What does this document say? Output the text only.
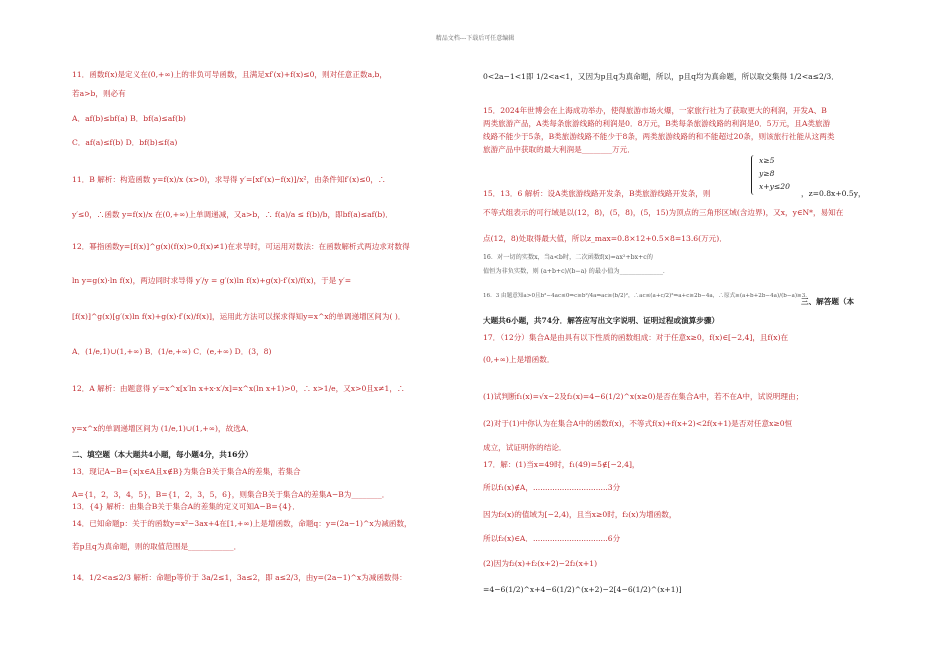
精品文档---下载后可任意编辑
11．函数f(x)是定义在(0,+∞)上的非负可导函数，且满足xf′(x)+f(x)≤0，则对任意正数a,b，
若a>b，则必有
A．af(b)≤bf(a) B．bf(a)≤af(b)
C．af(a)≤f(b) D．bf(b)≤f(a)
11．B 解析：构造函数 y=f(x)/x (x>0)，求导得 y′=[xf′(x)−f(x)]/x²，由条件知f′(x)≤0，∴
y′≤0，∴函数 y=f(x)/x 在(0,+∞)上单调递减，又a>b，∴ f(a)/a ≤ f(b)/b，即bf(a)≤af(b)．
12．幂指函数y=[f(x)]^g(x)(f(x)>0,f(x)≠1)在求导时，可运用对数法：在函数解析式两边求对数得
ln y=g(x)·ln f(x)，两边同时求导得 y′/y = g′(x)ln f(x)+g(x)·f′(x)/f(x)，于是 y′=
[f(x)]^g(x)[g′(x)ln f(x)+g(x)·f′(x)/f(x)]，运用此方法可以探求得知y=x^x的单调递增区间为( )．
A．(1/e,1)∪(1,+∞) B．(1/e,+∞) C．(e,+∞) D．(3，8)
12．A 解析：由题意得 y′=x^x[x′ln x+x·x′/x]=x^x(ln x+1)>0，∴ x>1/e，又x>0且x≠1，∴
y=x^x的单调递增区间为 (1/e,1)∪(1,+∞)，故选A．
二、填空题（本大题共4小题，每小题4分，共16分）
13．现记A−B={x|x∈A且x∉B}为集合B关于集合A的差集，若集合
A={1，2，3，4，5}，B={1，2，3，5，6}，则集合B关于集合A的差集A−B为________．
13．{4} 解析：由集合B关于集合A的差集的定义可知A−B={4}．
14．已知命题p：关于的函数y=x²−3ax+4在[1,+∞)上是增函数，命题q：y=(2a−1)^x为减函数，
若p且q为真命题，则的取值范围是____________．
14．1/2<a≤2/3 解析：命题p等价于 3a/2≤1，3a≤2，即 a≤2/3，由y=(2a−1)^x为减函数得：
0<2a−1<1即 1/2<a<1，又因为p且q为真命题，所以，p且q均为真命题，所以取交集得 1/2<a≤2/3．
15．2024年世博会在上海成功举办，使得旅游市场火爆，一家旅行社为了获取更大的利润，开发A、B
两类旅游产品，A类每条旅游线路的利润是0．8万元，B类每条旅游线路的利润是0．5万元，且A类旅游
线路不能少于5条，B类旅游线路不能少于8条，两类旅游线路的和不能超过20条，则该旅行社能从这两类
旅游产品中获取的最大利润是________万元．
x≥5
y≥8
x+y≤20
15．13．6 解析：设A类旅游线路开发条，B类旅游线路开发条，则	，z=0.8x+0.5y，
不等式组表示的可行域是以(12，8)，(5，8)，(5，15)为顶点的三角形区域(含边界)，又x，y∈N*，易知在
点(12，8)处取得最大值，所以z_max=0.8×12+0.5×8=13.6(万元)．
16．对一切的实数x，当a<b时，二次函数f(x)=ax²+bx+c的
值恒为非负实数，则 (a+b+c)/(b−a) 的最小值为______________．
16．3 由题意知a>0且b²−4ac≤0⇒c≥b²/4a⇒ac≥(b/2)²，∴ac≤(a+c/2)²⇒a+c≥2b−4a，∴原式≥(a+b+2b−4a)/(b−a)≥3．
三、解答题（本
大题共6小题，共74分．解答应写出文字说明、证明过程或演算步骤）
17．（12分）集合A是由具有以下性质的函数组成：对于任意x≥0，f(x)∈[−2,4]，且f(x)在
(0,+∞)上是增函数．
(1)试判断f₁(x)=√x−2及f₂(x)=4−6(1/2)^x(x≥0)是否在集合A中，若不在A中，试说明理由；
(2)对于(1)中你认为在集合A中的函数f(x)，不等式f(x)+f(x+2)<2f(x+1)是否对任意x≥0恒
成立，试证明你的结论．
17．解：(1)当x=49时，f₁(49)=5∉[−2,4]，
所以f₁(x)∉A，...............................3分
因为f₂(x)的值域为[−2,4)，且当x≥0时，f₂(x)为增函数，
所以f₂(x)∈A．...............................6分
(2)因为f₂(x)+f₂(x+2)−2f₂(x+1)
=4−6(1/2)^x+4−6(1/2)^(x+2)−2[4−6(1/2)^(x+1)]
